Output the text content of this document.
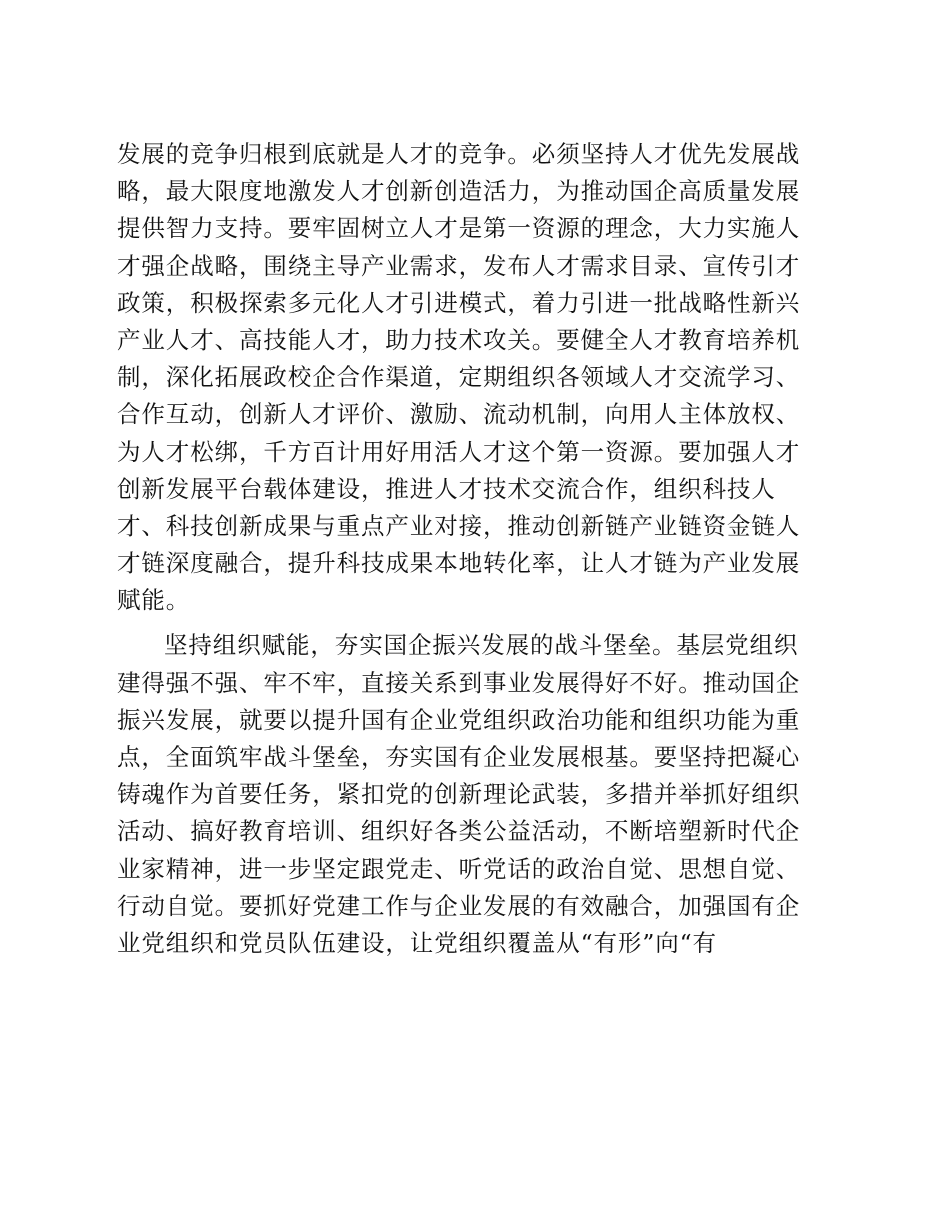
发展的竞争归根到底就是人才的竞争。必须坚持人才优先发展战
略，最大限度地激发人才创新创造活力，为推动国企高质量发展
提供智力支持。要牢固树立人才是第一资源的理念，大力实施人
才强企战略，围绕主导产业需求，发布人才需求目录、宣传引才
政策，积极探索多元化人才引进模式，着力引进一批战略性新兴
产业人才、高技能人才，助力技术攻关。要健全人才教育培养机
制，深化拓展政校企合作渠道，定期组织各领域人才交流学习、
合作互动，创新人才评价、激励、流动机制，向用人主体放权、
为人才松绑，千方百计用好用活人才这个第一资源。要加强人才
创新发展平台载体建设，推进人才技术交流合作，组织科技人
才、科技创新成果与重点产业对接，推动创新链产业链资金链人
才链深度融合，提升科技成果本地转化率，让人才链为产业发展
赋能。
坚持组织赋能，夯实国企振兴发展的战斗堡垒。基层党组织
建得强不强、牢不牢，直接关系到事业发展得好不好。推动国企
振兴发展，就要以提升国有企业党组织政治功能和组织功能为重
点，全面筑牢战斗堡垒，夯实国有企业发展根基。要坚持把凝心
铸魂作为首要任务，紧扣党的创新理论武装，多措并举抓好组织
活动、搞好教育培训、组织好各类公益活动，不断培塑新时代企
业家精神，进一步坚定跟党走、听党话的政治自觉、思想自觉、
行动自觉。要抓好党建工作与企业发展的有效融合，加强国有企
业党组织和党员队伍建设，让党组织覆盖从“有形”向“有
